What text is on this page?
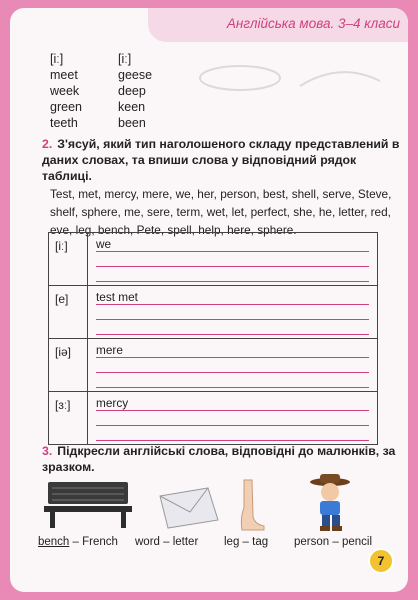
Англійська мова. 3–4 класи
[iː]	[iː]
meet	geese
week	deep
green	keen
teeth	been
2. З'ясуй, який тип наголошеного складу представлений в даних словах, та впиши слова у відповідний рядок таблиці.
Test, met, mercy, mere, we, her, person, best, shell, serve, Steve, shelf, sphere, me, sere, term, wet, let, perfect, she, he, letter, red, eve, leg, bench, Pete, spell, help, here, sphere.
[iː]	we

[e]	test met

[iə]	mere

[ɜː]	mercy
3. Підкресли англійські слова, відповідні до малюнків, за зразком.
bench – French word – letter leg – tag person – pencil
7
